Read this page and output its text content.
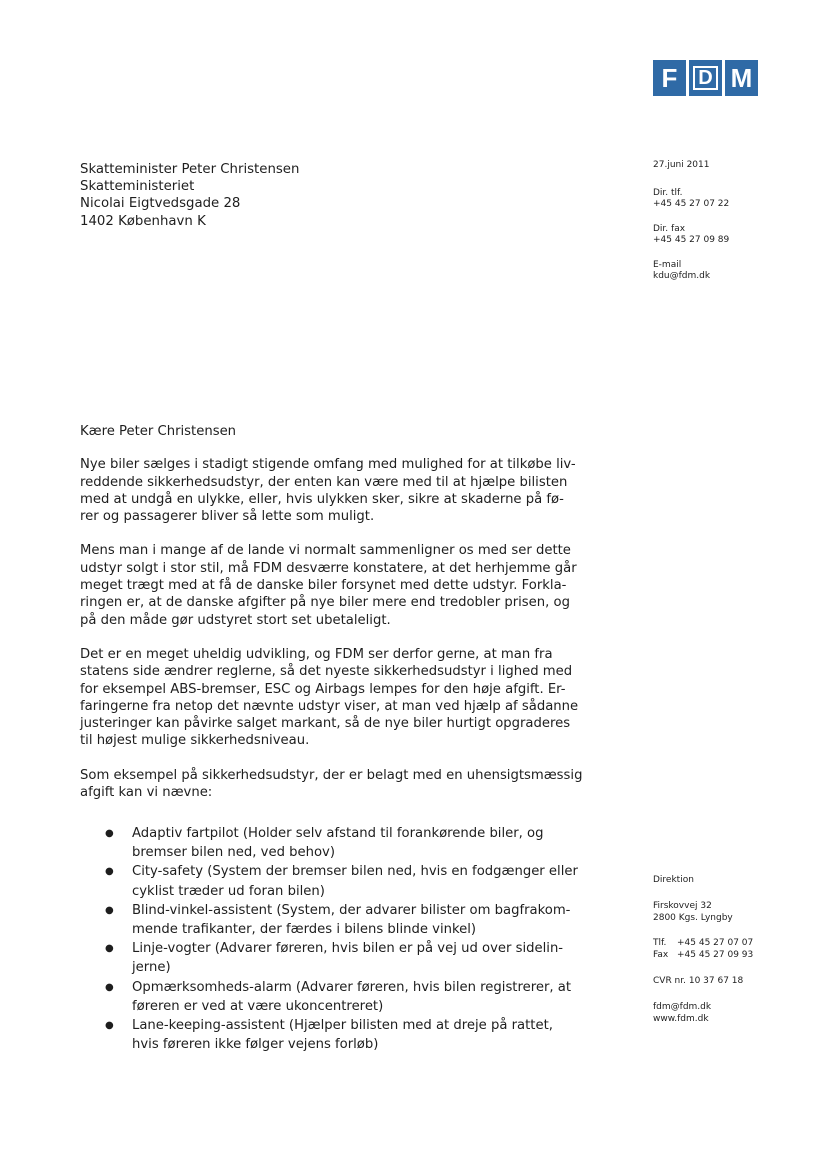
F D M
Skatteminister Peter Christensen
Skatteministeriet
Nicolai Eigtvedsgade 28
1402 København K
27.juni 2011
Dir. tlf.
+45 45 27 07 22
Dir. fax
+45 45 27 09 89
E-mail
kdu@fdm.dk

Kære Peter Christensen

Nye biler sælges i stadigt stigende omfang med mulighed for at tilkøbe liv-
reddende sikkerhedsudstyr, der enten kan være med til at hjælpe bilisten
med at undgå en ulykke, eller, hvis ulykken sker, sikre at skaderne på fø-
rer og passagerer bliver så lette som muligt.

Mens man i mange af de lande vi normalt sammenligner os med ser dette
udstyr solgt i stor stil, må FDM desværre konstatere, at det herhjemme går
meget trægt med at få de danske biler forsynet med dette udstyr. Forkla-
ringen er, at de danske afgifter på nye biler mere end tredobler prisen, og
på den måde gør udstyret stort set ubetaleligt.

Det er en meget uheldig udvikling, og FDM ser derfor gerne, at man fra
statens side ændrer reglerne, så det nyeste sikkerhedsudstyr i lighed med
for eksempel ABS-bremser, ESC og Airbags lempes for den høje afgift. Er-
faringerne fra netop det nævnte udstyr viser, at man ved hjælp af sådanne
justeringer kan påvirke salget markant, så de nye biler hurtigt opgraderes
til højest mulige sikkerhedsniveau.

Som eksempel på sikkerhedsudstyr, der er belagt med en uhensigtsmæssig
afgift kan vi nævne:

● Adaptiv fartpilot (Holder selv afstand til forankørende biler, og
bremser bilen ned, ved behov)
● City-safety (System der bremser bilen ned, hvis en fodgænger eller
cyklist træder ud foran bilen)
● Blind-vinkel-assistent (System, der advarer bilister om bagfrakom-
mende trafikanter, der færdes i bilens blinde vinkel)
● Linje-vogter (Advarer føreren, hvis bilen er på vej ud over sidelin-
jerne)
● Opmærksomheds-alarm (Advarer føreren, hvis bilen registrerer, at
føreren er ved at være ukoncentreret)
● Lane-keeping-assistent (Hjælper bilisten med at dreje på rattet,
hvis føreren ikke følger vejens forløb)
Direktion
Firskovvej 32
2800 Kgs. Lyngby
Tlf.	+45 45 27 07 07
Fax +45 45 27 09 93
CVR nr. 10 37 67 18
fdm@fdm.dk
www.fdm.dk
